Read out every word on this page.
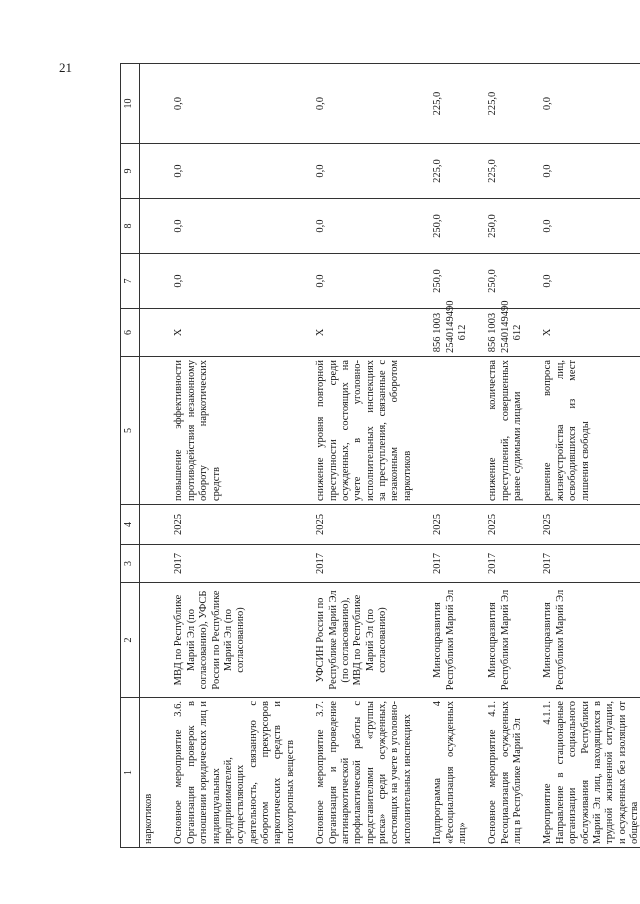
21
1	2	3	4	5	6	7	8	9	10
наркотиков									
Основное мероприятие 3.6. Организация проверок в отношении юридических лиц и индивидуальных предпринимателей, осуществляющих деятельность, связанную с оборотом прекурсоров наркотических средств и психотропных веществ	МВД по Республике Марий Эл (по согласованию), УФСБ России по Республике Марий Эл (по согласованию)	2017	2025	повышение эффективности противодействия незаконному обороту наркотических средств	X	0,0	0,0	0,0	0,0
Основное мероприятие 3.7. Организация и проведение антинаркотической профилактической работы с представителями «группы риска» среди осужденных, состоящих на учете в уголовно-исполнительных инспекциях	УФСИН России по Республике Марий Эл (по согласованию), МВД по Республике Марий Эл (по согласованию)	2017	2025	снижение уровня повторной преступности среди осужденных, состоящих на учете в уголовно-исполнительных инспекциях за преступления, связанные с незаконным оборотом наркотиков	X	0,0	0,0	0,0	0,0
Подпрограмма 4 «Ресоциализация осужденных лиц»	Минсоцразвития Республики Марий Эл	2017	2025		856 1003 2540149490 612	250,0	250,0	225,0	225,0
Основное мероприятие 4.1. Ресоциализация осужденных лиц в Республике Марий Эл	Минсоцразвития Республики Марий Эл	2017	2025	снижение количества преступлений, совершенных ранее судимыми лицами	856 1003 2540149490 612	250,0	250,0	225,0	225,0
Мероприятие 4.1.1. Направление в стационарные организации социального обслуживания Республики Марий Эл лиц, находящихся в трудной жизненной ситуации, и осужденных без изоляции от общества	Минсоцразвития Республики Марий Эл	2017	2025	решение вопроса жизнеустройства лиц, освободившихся из мест лишения свободы	X	0,0	0,0	0,0	0,0
